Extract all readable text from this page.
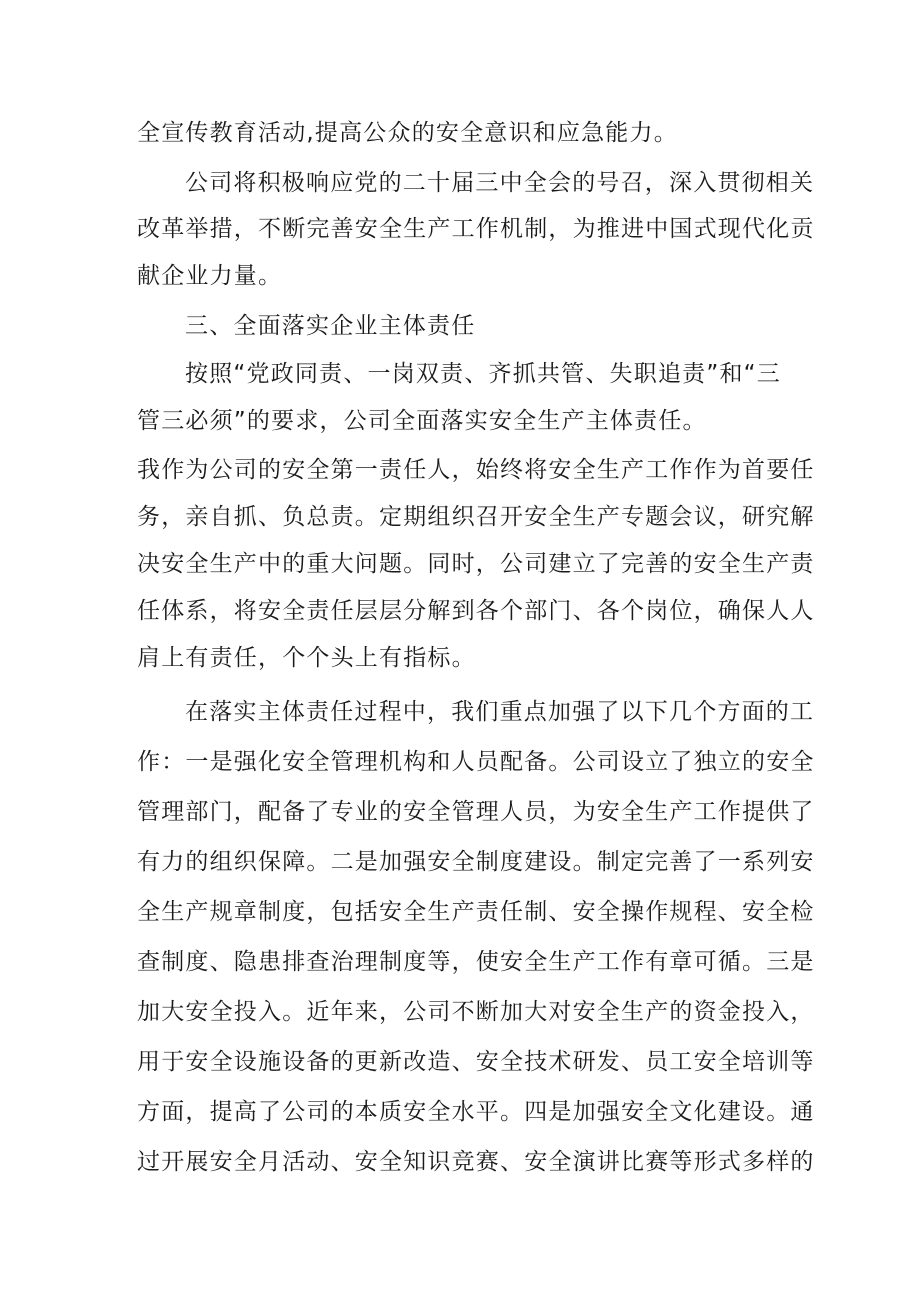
全宣传教育活动,提高公众的安全意识和应急能力。

公司将积极响应党的二十届三中全会的号召，深入贯彻相关

改革举措，不断完善安全生产工作机制，为推进中国式现代化贡

献企业力量。

三、全面落实企业主体责任

按照“党政同责、一岗双责、齐抓共管、失职追责”和“三

管三必须”的要求，公司全面落实安全生产主体责任。

我作为公司的安全第一责任人，始终将安全生产工作作为首要任

务，亲自抓、负总责。定期组织召开安全生产专题会议，研究解

决安全生产中的重大问题。同时，公司建立了完善的安全生产责

任体系，将安全责任层层分解到各个部门、各个岗位，确保人人

肩上有责任，个个头上有指标。

在落实主体责任过程中，我们重点加强了以下几个方面的工

作：一是强化安全管理机构和人员配备。公司设立了独立的安全

管理部门，配备了专业的安全管理人员，为安全生产工作提供了

有力的组织保障。二是加强安全制度建设。制定完善了一系列安

全生产规章制度，包括安全生产责任制、安全操作规程、安全检

查制度、隐患排查治理制度等，使安全生产工作有章可循。三是

加大安全投入。近年来，公司不断加大对安全生产的资金投入，

用于安全设施设备的更新改造、安全技术研发、员工安全培训等

方面，提高了公司的本质安全水平。四是加强安全文化建设。通

过开展安全月活动、安全知识竞赛、安全演讲比赛等形式多样的
